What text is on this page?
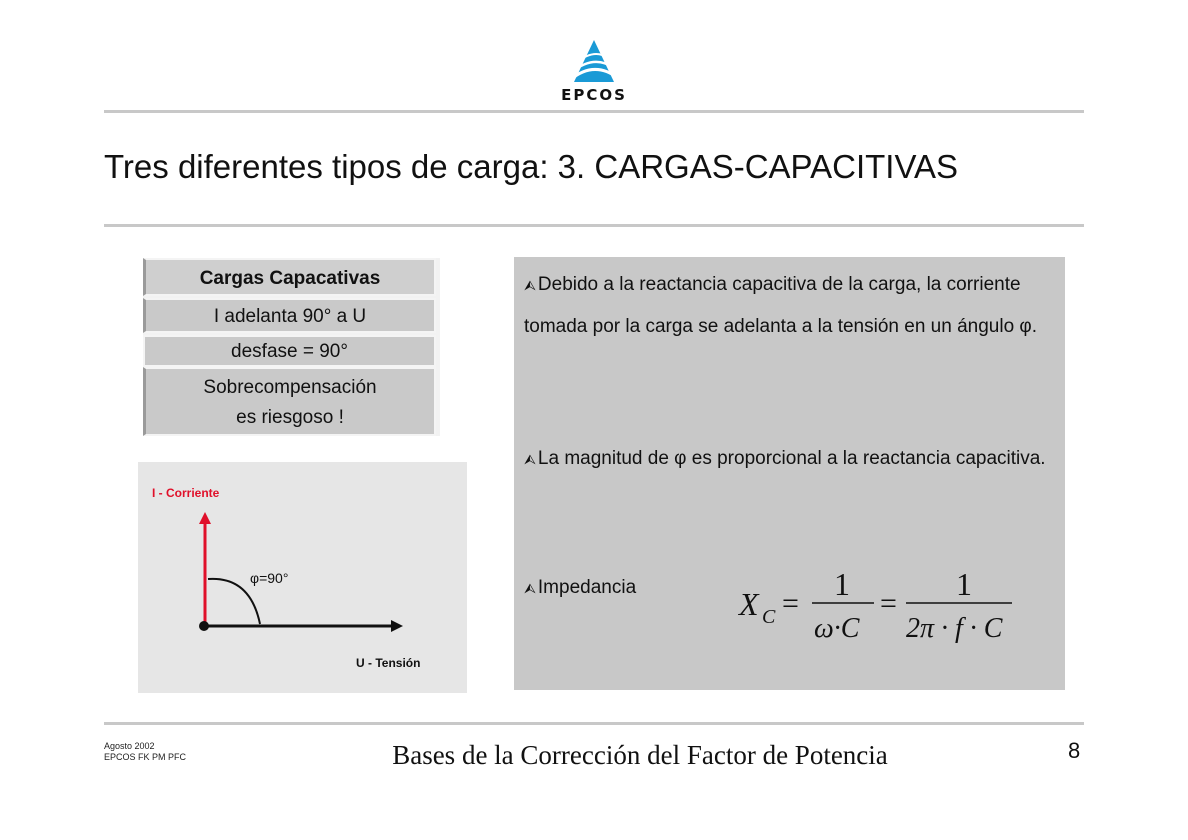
EPCOS
Tres diferentes tipos de carga: 3. CARGAS-CAPACITIVAS
Cargas Capacativas
I adelanta 90° a U
desfase = 90°
Sobrecompensación
es riesgoso !
I - Corriente
φ=90°
U - Tensión
⮙ Debido a la reactancia capacitiva de la carga, la corriente tomada por la carga se adelanta a la tensión en un ángulo φ.
⮙ La magnitud de φ es proporcional a la reactancia capacitiva.
⮙ Impedancia	X C =
1
ω·C
=
1
2π · f · C
Agosto 2002
EPCOS FK PM PFC	Bases de la Corrección del Factor de Potencia	8
